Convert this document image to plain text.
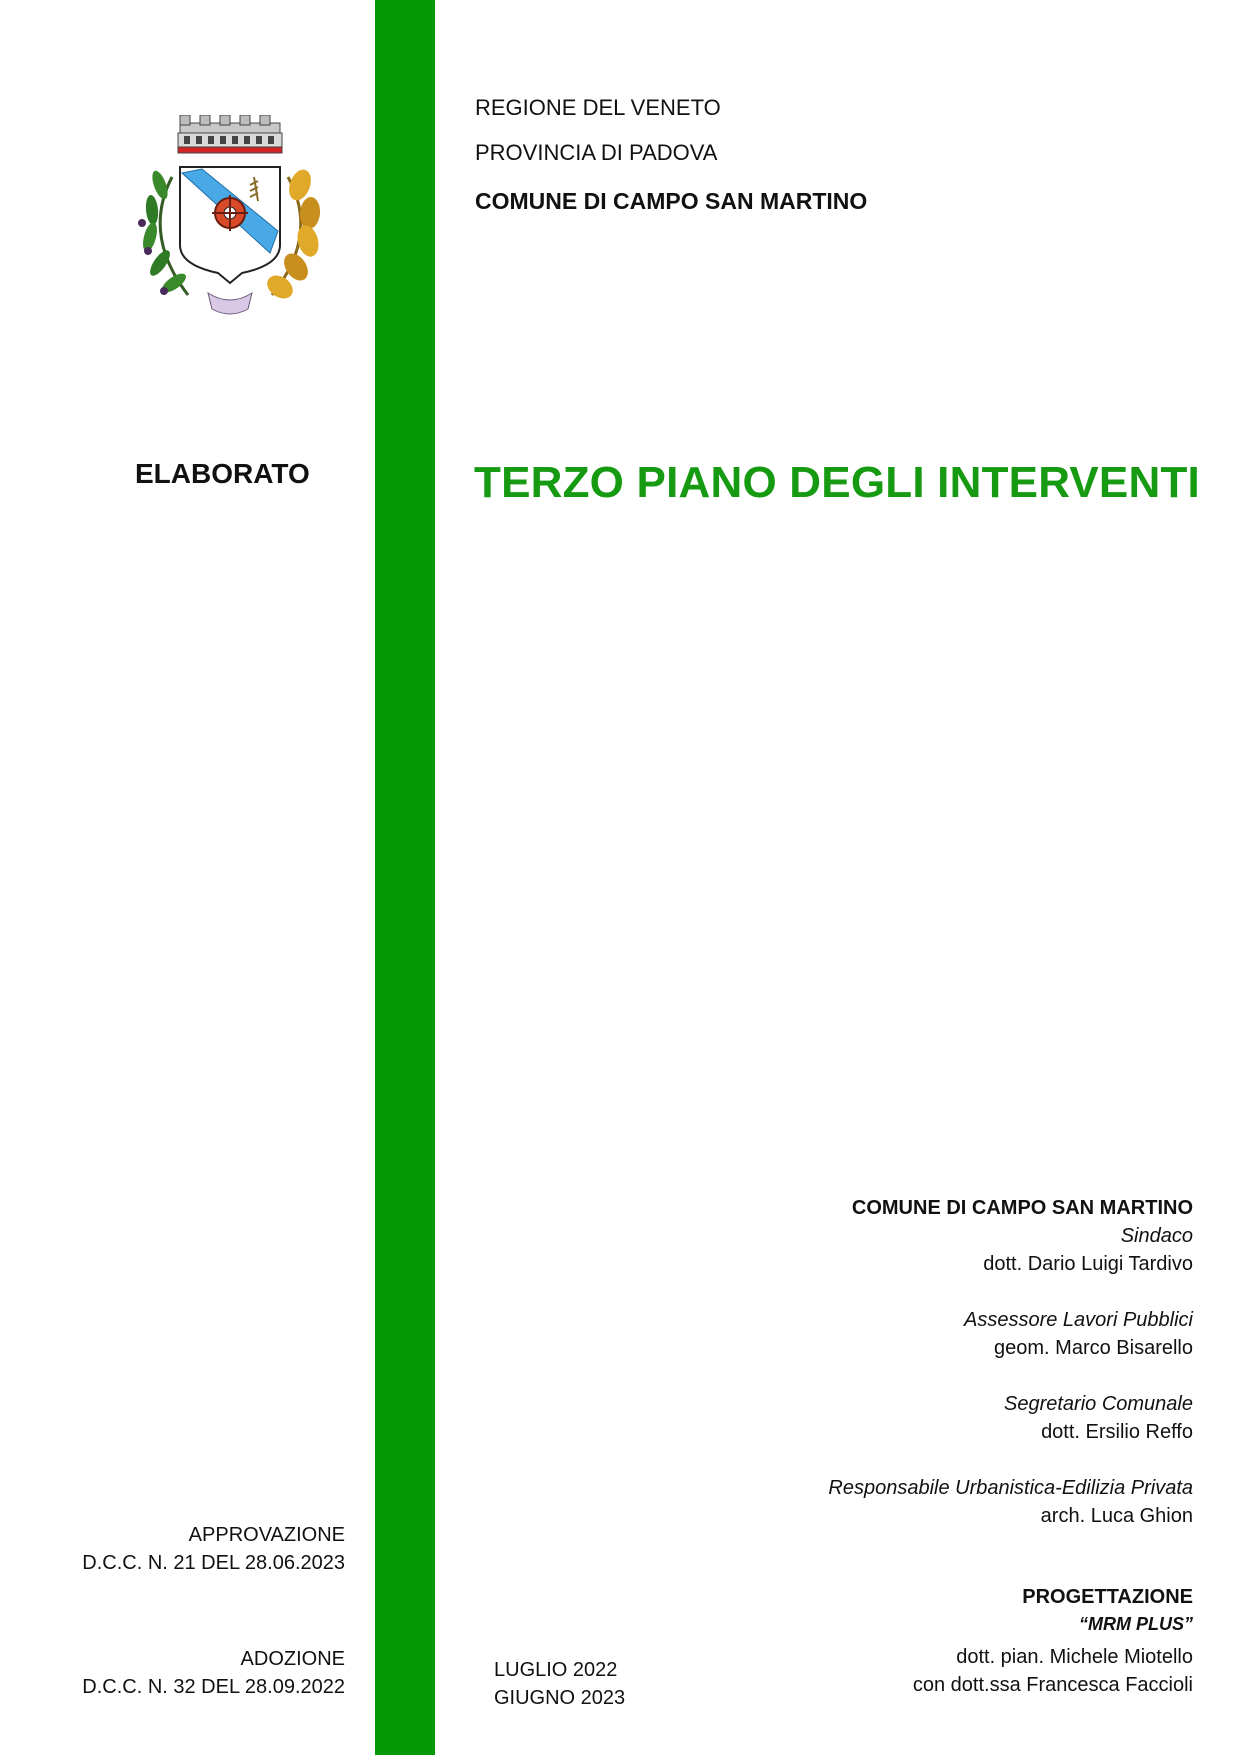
REGIONE DEL VENETO
PROVINCIA DI PADOVA
COMUNE DI CAMPO SAN MARTINO
ELABORATO	TERZO PIANO DEGLI INTERVENTI
COMUNE DI CAMPO SAN MARTINO
Sindaco
dott. Dario Luigi Tardivo
Assessore Lavori Pubblici
geom. Marco Bisarello
Segretario Comunale
dott. Ersilio Reffo
Responsabile Urbanistica-Edilizia Privata
arch. Luca Ghion
PROGETTAZIONE
“MRM PLUS”
dott. pian. Michele Miotello
con dott.ssa Francesca Faccioli
APPROVAZIONE
D.C.C. N. 21 DEL 28.06.2023
ADOZIONE
D.C.C. N. 32 DEL 28.09.2022
LUGLIO 2022
GIUGNO 2023
